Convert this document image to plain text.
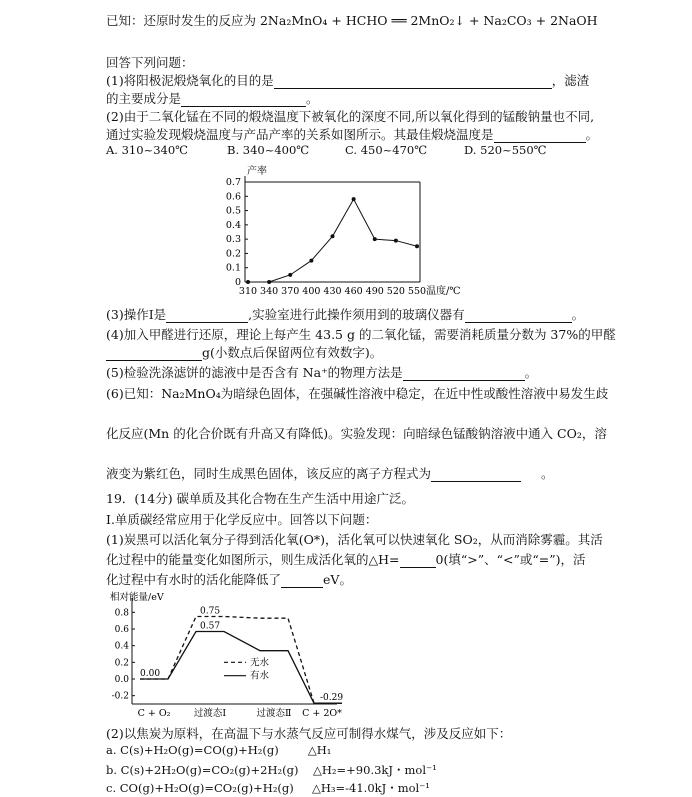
已知：还原时发生的反应为 2Na₂MnO₄ + HCHO ══ 2MnO₂↓ + Na₂CO₃ + 2NaOH
回答下列问题：
(1)将阳极泥煅烧氧化的目的是	，滤渣
的主要成分是	。
(2)由于二氧化锰在不同的煅烧温度下被氧化的深度不同,所以氧化得到的锰酸钠量也不同,
通过实验发现煅烧温度与产品产率的关系如图所示。其最佳煅烧温度是	。
A. 310~340℃	B. 340~400℃	C. 450~470℃	D. 520~550℃
产率
0
0.1
0.2
0.3
0.4
0.5
0.6
0.7
310 340 370 400 430 460 490 520 550 温度/℃
(3)操作Ⅰ是	,实验室进行此操作须用到的玻璃仪器有	。
(4)加入甲醛进行还原，理论上每产生 43.5 g 的二氧化锰，需要消耗质量分数为 37%的甲醛
g(小数点后保留两位有效数字)。
(5)检验洗涤滤饼的滤液中是否含有 Na⁺的物理方法是	。
(6)已知：Na₂MnO₄为暗绿色固体，在强碱性溶液中稳定，在近中性或酸性溶液中易发生歧
化反应(Mn 的化合价既有升高又有降低)。实验发现：向暗绿色锰酸钠溶液中通入 CO₂，溶
液变为紫红色，同时生成黑色固体，该反应的离子方程式为	。
19．(14分) 碳单质及其化合物在生产生活中用途广泛。
I.单质碳经常应用于化学反应中。回答以下问题：
(1)炭黑可以活化氧分子得到活化氧(O*)，活化氧可以快速氧化 SO₂，从而消除雾霾。其活
化过程中的能量变化如图所示，则生成活化氧的△H=	0(填“>”、“<”或“=”)，活
化过程中有水时的活化能降低了	eV。
相对能量/eV
0.8
0.6
0.4
0.2
0.0
-0.2
C + O₂ 过渡态Ⅰ	过渡态Ⅱ C + 2O*
0.75
0.57
0.00
-0.29
无水
有水
(2)以焦炭为原料，在高温下与水蒸气反应可制得水煤气，涉及反应如下：
a. C(s)+H₂O(g)=CO(g)+H₂(g)        △H₁
b. C(s)+2H₂O(g)=CO₂(g)+2H₂(g)    △H₂=+90.3kJ・mol⁻¹
c. CO(g)+H₂O(g)=CO₂(g)+H₂(g)     △H₃=-41.0kJ・mol⁻¹
